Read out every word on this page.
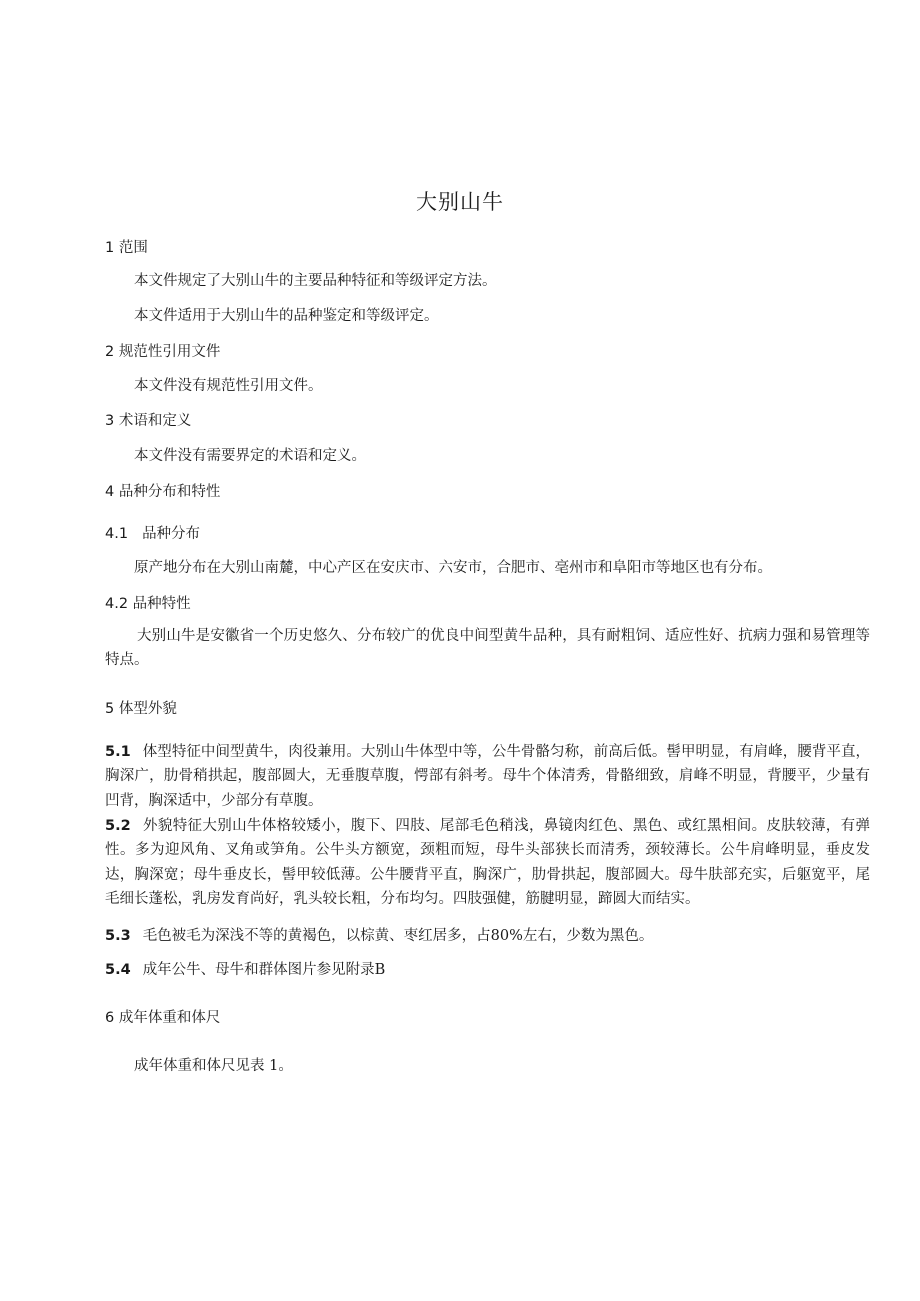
大别山牛
1 范围
本文件规定了大别山牛的主要品种特征和等级评定方法。
本文件适用于大别山牛的品种鉴定和等级评定。
2 规范性引用文件
本文件没有规范性引用文件。
3 术语和定义
本文件没有需要界定的术语和定义。
4 品种分布和特性
4.1 品种分布
原产地分布在大别山南麓，中心产区在安庆市、六安市，合肥市、亳州市和阜阳市等地区也有分布。
4.2 品种特性
大别山牛是安徽省一个历史悠久、分布较广的优良中间型黄牛品种，具有耐粗饲、适应性好、抗病力强和易管理等特点。
5 体型外貌
5.1 体型特征中间型黄牛，肉役兼用。大别山牛体型中等，公牛骨骼匀称，前高后低。髻甲明显，有肩峰，腰背平直，胸深广，肋骨稍拱起，腹部圆大，无垂腹草腹，愕部有斜考。母牛个体清秀，骨骼细致，肩峰不明显，背腰平，少量有凹背，胸深适中，少部分有草腹。
5.2 外貌特征大别山牛体格较矮小，腹下、四肢、尾部毛色稍浅，鼻镜肉红色、黑色、或红黑相间。皮肤较薄，有弹性。多为迎风角、叉角或笋角。公牛头方额宽，颈粗而短，母牛头部狭长而清秀，颈较薄长。公牛肩峰明显，垂皮发达，胸深宽；母牛垂皮长，髻甲较低薄。公牛腰背平直，胸深广，肋骨拱起，腹部圆大。母牛肤部充实，后躯宽平，尾毛细长蓬松，乳房发育尚好，乳头较长粗，分布均匀。四肢强健，筋腱明显，蹄圆大而结实。
5.3 毛色被毛为深浅不等的黄褐色，以棕黄、枣红居多，占80%左右，少数为黑色。
5.4 成年公牛、母牛和群体图片参见附录B
6 成年体重和体尺
成年体重和体尺见表 1。
